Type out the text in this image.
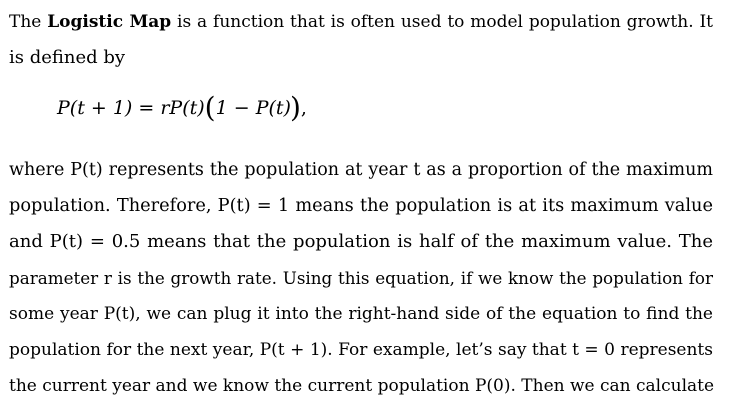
The Logistic Map is a function that is often used to model population growth. It
is defined by
P(t + 1) = rP(t)(1 − P(t)),
where P(t) represents the population at year t as a proportion of the maximum
population. Therefore, P(t) = 1 means the population is at its maximum value
and P(t) = 0.5 means that the population is half of the maximum value. The
parameter r is the growth rate. Using this equation, if we know the population for
some year P(t), we can plug it into the right-hand side of the equation to find the
population for the next year, P(t + 1). For example, let’s say that t = 0 represents
the current year and we know the current population P(0). Then we can calculate
